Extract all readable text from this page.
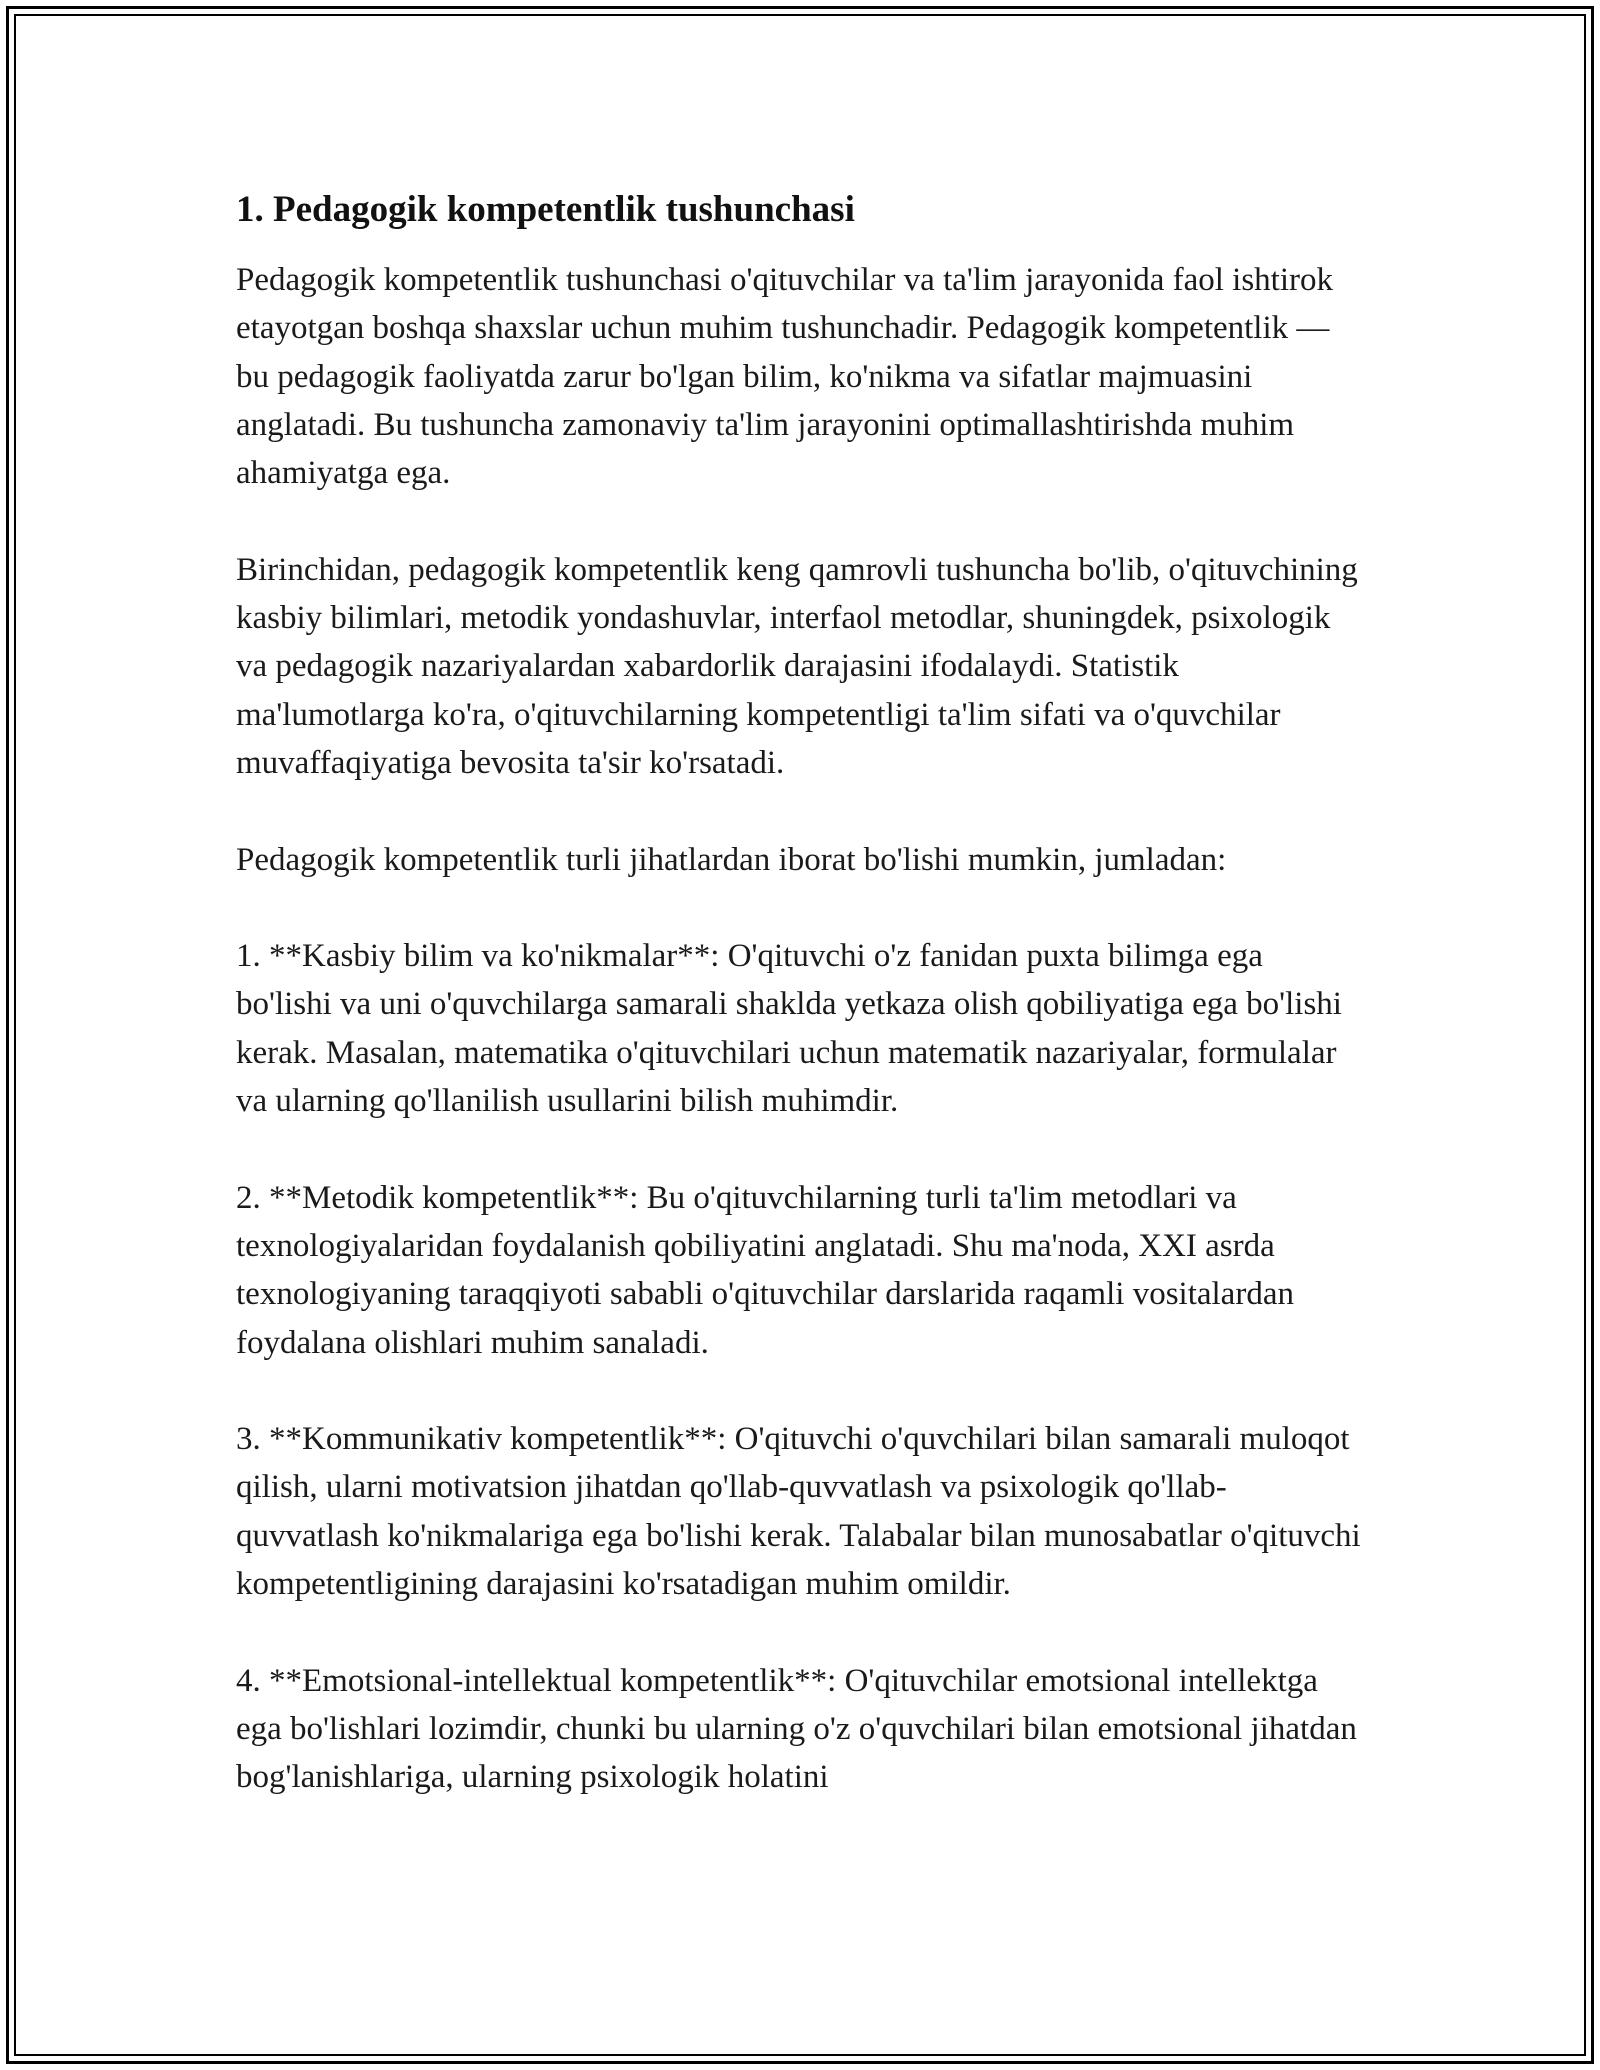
1. Pedagogik kompetentlik tushunchasi

Pedagogik kompetentlik tushunchasi o'qituvchilar va ta'lim jarayonida faol ishtirok etayotgan boshqa shaxslar uchun muhim tushunchadir. Pedagogik kompetentlik — bu pedagogik faoliyatda zarur bo'lgan bilim, ko'nikma va sifatlar majmuasini anglatadi. Bu tushuncha zamonaviy ta'lim jarayonini optimallashtirishda muhim ahamiyatga ega.

Birinchidan, pedagogik kompetentlik keng qamrovli tushuncha bo'lib, o'qituvchining kasbiy bilimlari, metodik yondashuvlar, interfaol metodlar, shuningdek, psixologik va pedagogik nazariyalardan xabardorlik darajasini ifodalaydi. Statistik ma'lumotlarga ko'ra, o'qituvchilarning kompetentligi ta'lim sifati va o'quvchilar muvaffaqiyatiga bevosita ta'sir ko'rsatadi.

Pedagogik kompetentlik turli jihatlardan iborat bo'lishi mumkin, jumladan:

1. **Kasbiy bilim va ko'nikmalar**: O'qituvchi o'z fanidan puxta bilimga ega bo'lishi va uni o'quvchilarga samarali shakldа yetkaza olish qobiliyatiga ega bo'lishi kerak. Masalan, matematika o'qituvchilari uchun matematik nazariyalar, formulalar va ularning qo'llanilish usullarini bilish muhimdir.

2. **Metodik kompetentlik**: Bu o'qituvchilarning turli ta'lim metodlari va texnologiyalaridan foydalanish qobiliyatini anglatadi. Shu ma'noda, XXI asrda texnologiyaning taraqqiyoti sababli o'qituvchilar darslarida raqamli vositalardan foydalana olishlari muhim sanaladi.

3. **Kommunikativ kompetentlik**: O'qituvchi o'quvchilari bilan samarali muloqot qilish, ularni motivatsion jihatdan qo'llab-quvvatlash va psixologik qo'llab-quvvatlash ko'nikmalariga ega bo'lishi kerak. Talabalar bilan munosabatlar o'qituvchi kompetentligining darajasini ko'rsatadigan muhim omildir.

4. **Emotsional-intellektual kompetentlik**: O'qituvchilar emotsional intellektga ega bo'lishlari lozimdir, chunki bu ularning o'z o'quvchilari bilan emotsional jihatdan bog'lanishlariga, ularning psixologik holatini
